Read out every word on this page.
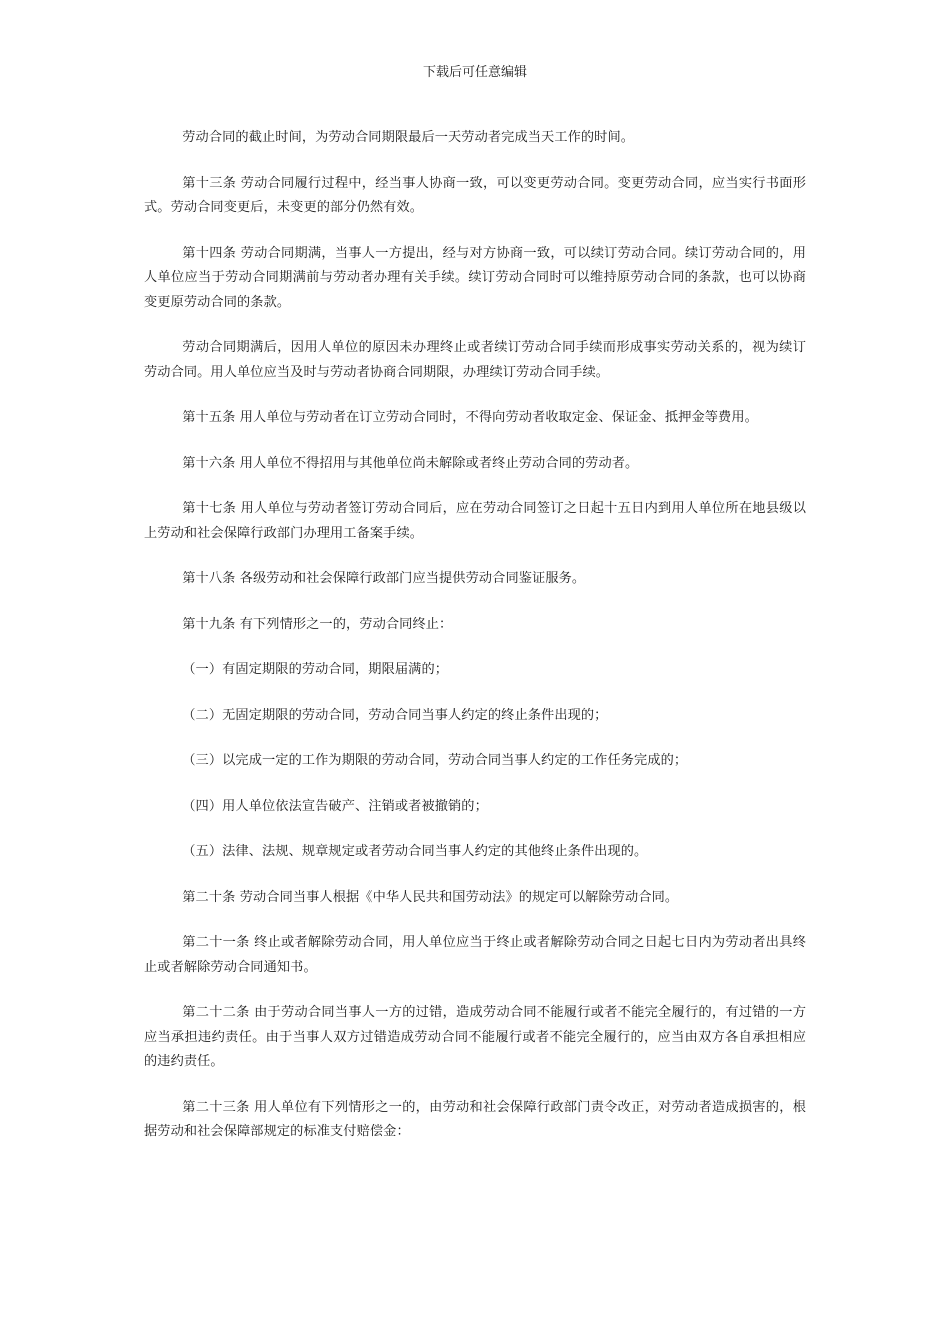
下载后可任意编辑

劳动合同的截止时间，为劳动合同期限最后一天劳动者完成当天工作的时间。

第十三条 劳动合同履行过程中，经当事人协商一致，可以变更劳动合同。变更劳动合同，应当实行书面形式。劳动合同变更后，未变更的部分仍然有效。

第十四条 劳动合同期满，当事人一方提出，经与对方协商一致，可以续订劳动合同。续订劳动合同的，用人单位应当于劳动合同期满前与劳动者办理有关手续。续订劳动合同时可以维持原劳动合同的条款，也可以协商变更原劳动合同的条款。

劳动合同期满后，因用人单位的原因未办理终止或者续订劳动合同手续而形成事实劳动关系的，视为续订劳动合同。用人单位应当及时与劳动者协商合同期限，办理续订劳动合同手续。

第十五条 用人单位与劳动者在订立劳动合同时，不得向劳动者收取定金、保证金、抵押金等费用。

第十六条 用人单位不得招用与其他单位尚未解除或者终止劳动合同的劳动者。

第十七条 用人单位与劳动者签订劳动合同后，应在劳动合同签订之日起十五日内到用人单位所在地县级以上劳动和社会保障行政部门办理用工备案手续。

第十八条 各级劳动和社会保障行政部门应当提供劳动合同鉴证服务。

第十九条 有下列情形之一的，劳动合同终止：

（一）有固定期限的劳动合同，期限届满的；

（二）无固定期限的劳动合同，劳动合同当事人约定的终止条件出现的；

（三）以完成一定的工作为期限的劳动合同，劳动合同当事人约定的工作任务完成的；

（四）用人单位依法宣告破产、注销或者被撤销的；

（五）法律、法规、规章规定或者劳动合同当事人约定的其他终止条件出现的。

第二十条 劳动合同当事人根据《中华人民共和国劳动法》的规定可以解除劳动合同。

第二十一条 终止或者解除劳动合同，用人单位应当于终止或者解除劳动合同之日起七日内为劳动者出具终止或者解除劳动合同通知书。

第二十二条 由于劳动合同当事人一方的过错，造成劳动合同不能履行或者不能完全履行的，有过错的一方应当承担违约责任。由于当事人双方过错造成劳动合同不能履行或者不能完全履行的，应当由双方各自承担相应的违约责任。

第二十三条 用人单位有下列情形之一的，由劳动和社会保障行政部门责令改正，对劳动者造成损害的，根据劳动和社会保障部规定的标准支付赔偿金：
